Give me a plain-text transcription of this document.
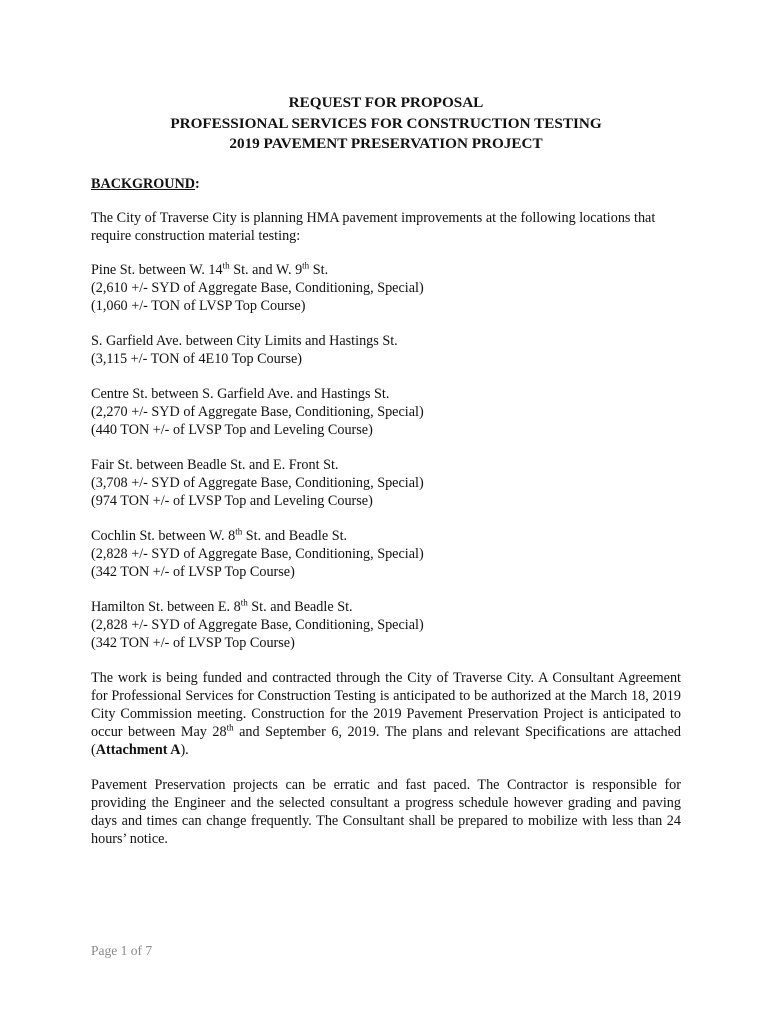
REQUEST FOR PROPOSAL
PROFESSIONAL SERVICES FOR CONSTRUCTION TESTING
2019 PAVEMENT PRESERVATION PROJECT
BACKGROUND:
The City of Traverse City is planning HMA pavement improvements at the following locations that require construction material testing:
Pine St. between W. 14th St. and W. 9th St.
(2,610 +/- SYD of Aggregate Base, Conditioning, Special)
(1,060 +/- TON of LVSP Top Course)
S. Garfield Ave. between City Limits and Hastings St.
(3,115 +/- TON of 4E10 Top Course)
Centre St. between S. Garfield Ave. and Hastings St.
(2,270 +/- SYD of Aggregate Base, Conditioning, Special)
(440 TON +/- of LVSP Top and Leveling Course)
Fair St. between Beadle St. and E. Front St.
(3,708 +/- SYD of Aggregate Base, Conditioning, Special)
(974 TON +/- of LVSP Top and Leveling Course)
Cochlin St. between W. 8th St. and Beadle St.
(2,828 +/- SYD of Aggregate Base, Conditioning, Special)
(342 TON +/- of LVSP Top Course)
Hamilton St. between E. 8th St. and Beadle St.
(2,828 +/- SYD of Aggregate Base, Conditioning, Special)
(342 TON +/- of LVSP Top Course)
The work is being funded and contracted through the City of Traverse City. A Consultant Agreement for Professional Services for Construction Testing is anticipated to be authorized at the March 18, 2019 City Commission meeting. Construction for the 2019 Pavement Preservation Project is anticipated to occur between May 28th and September 6, 2019. The plans and relevant Specifications are attached (Attachment A).
Pavement Preservation projects can be erratic and fast paced. The Contractor is responsible for providing the Engineer and the selected consultant a progress schedule however grading and paving days and times can change frequently. The Consultant shall be prepared to mobilize with less than 24 hours’ notice.
Page 1 of 7
